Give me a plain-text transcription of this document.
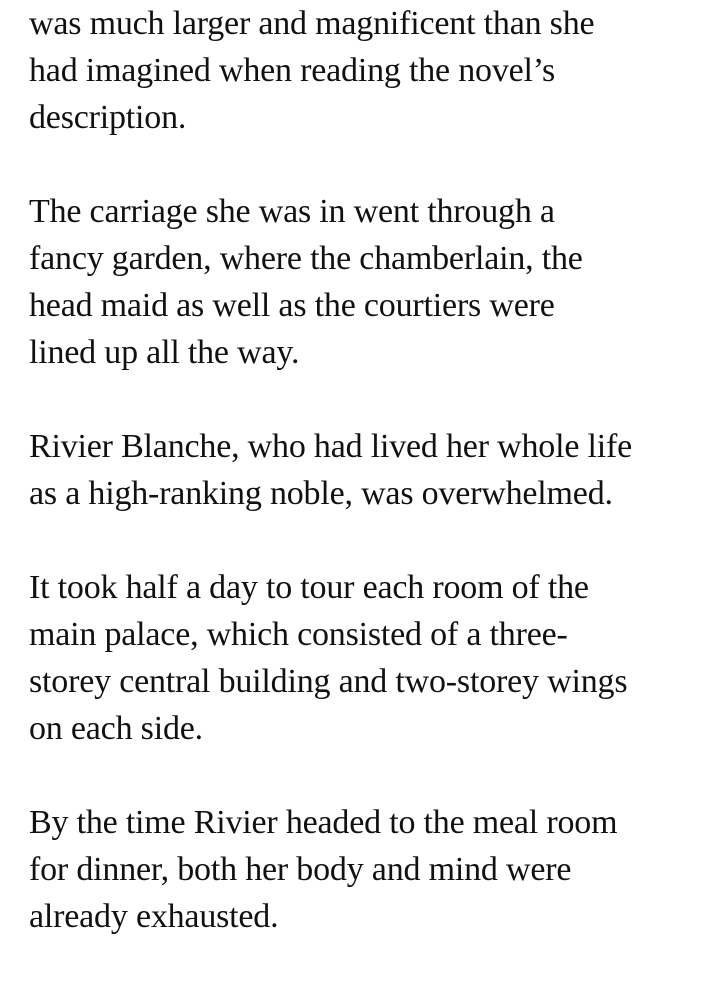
was much larger and magnificent than she
had imagined when reading the novel’s
description.

The carriage she was in went through a
fancy garden, where the chamberlain, the
head maid as well as the courtiers were
lined up all the way.

Rivier Blanche, who had lived her whole life
as a high-ranking noble, was overwhelmed.

It took half a day to tour each room of the
main palace, which consisted of a three-
storey central building and two-storey wings
on each side.

By the time Rivier headed to the meal room
for dinner, both her body and mind were
already exhausted.
